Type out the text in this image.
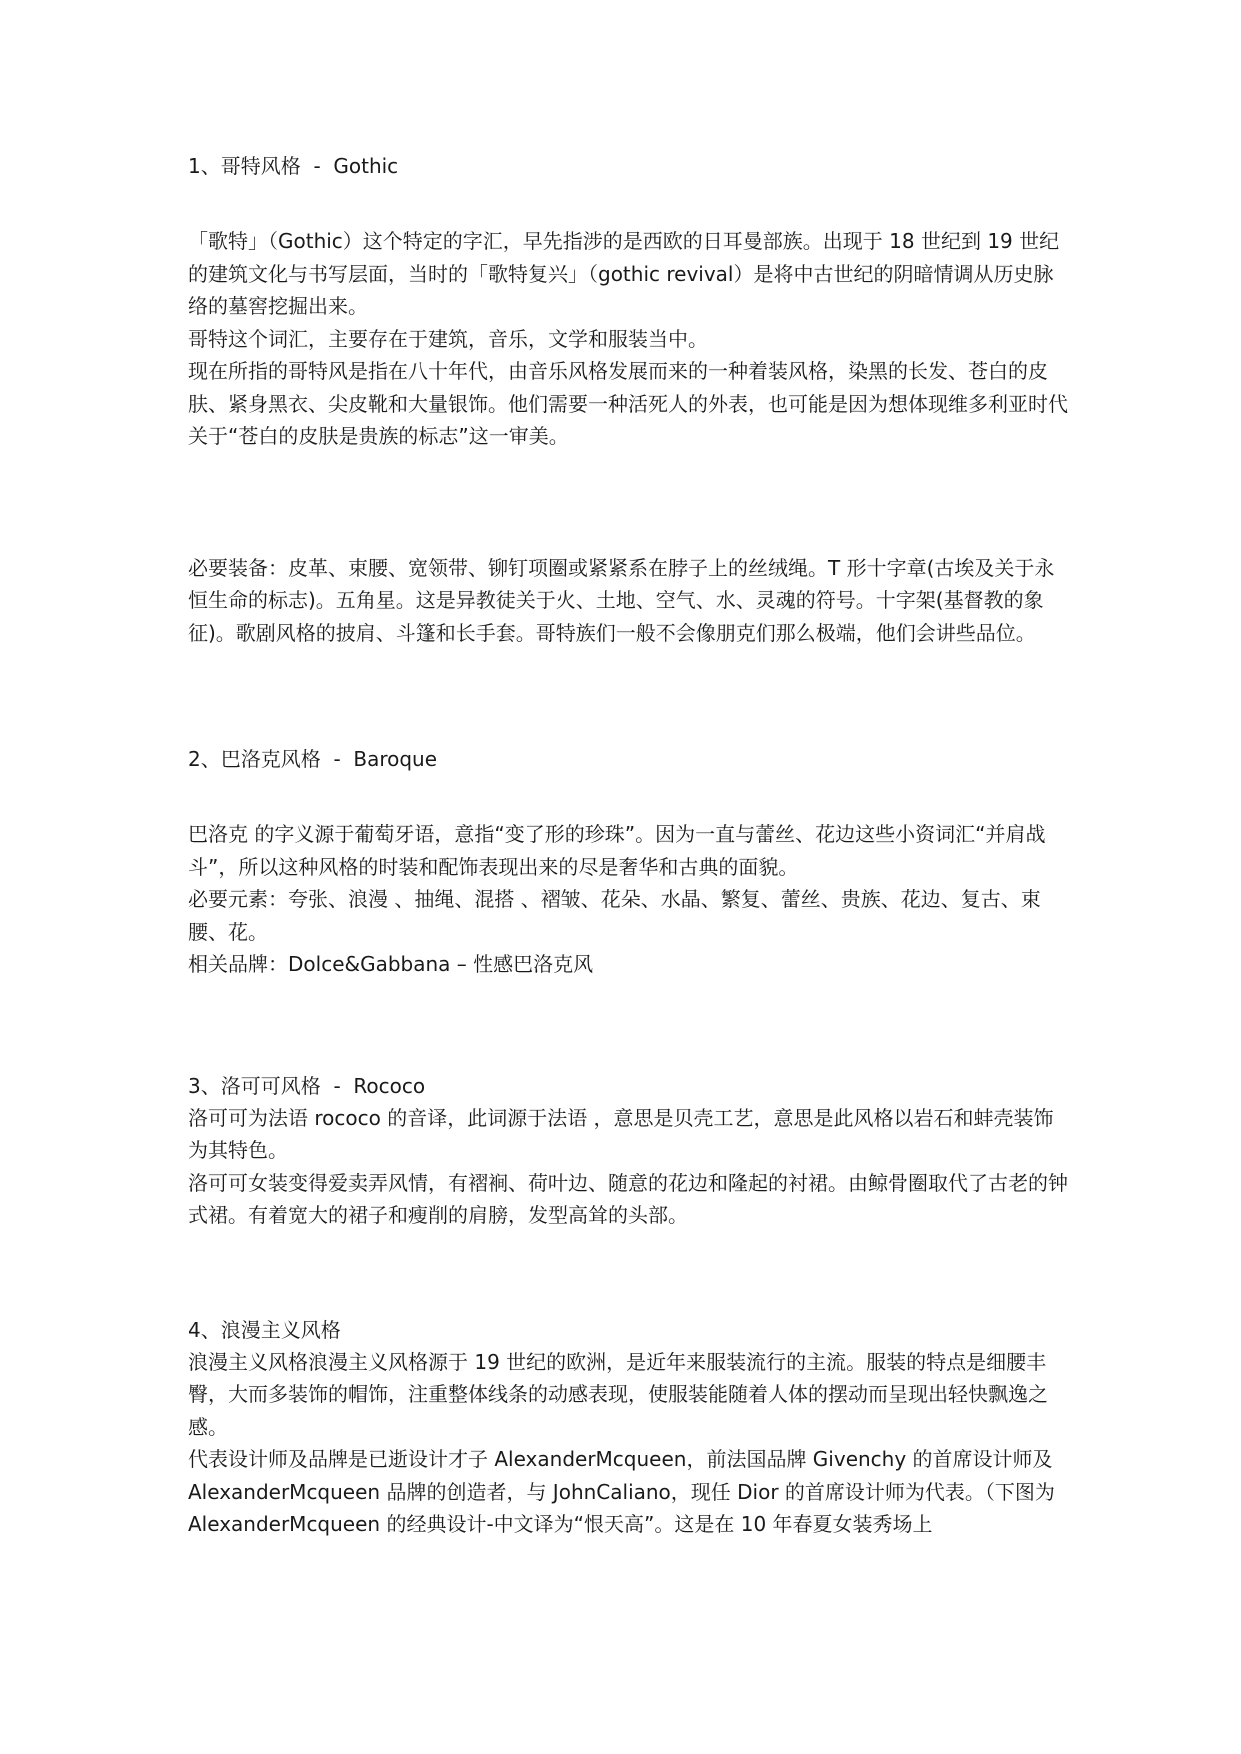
1、哥特风格  -  Gothic

「歌特」（Gothic）这个特定的字汇，早先指涉的是西欧的日耳曼部族。出现于 18 世纪到 19 世纪的建筑文化与书写层面，当时的「歌特复兴」（gothic revival）是将中古世纪的阴暗情调从历史脉络的墓窖挖掘出来。

哥特这个词汇，主要存在于建筑，音乐，文学和服装当中。

现在所指的哥特风是指在八十年代，由音乐风格发展而来的一种着装风格，染黑的长发、苍白的皮肤、紧身黑衣、尖皮靴和大量银饰。他们需要一种活死人的外表，也可能是因为想体现维多利亚时代关于“苍白的皮肤是贵族的标志”这一审美。

必要装备：皮革、束腰、宽领带、铆钉项圈或紧紧系在脖子上的丝绒绳。T 形十字章(古埃及关于永恒生命的标志)。五角星。这是异教徒关于火、土地、空气、水、灵魂的符号。十字架(基督教的象征)。歌剧风格的披肩、斗篷和长手套。哥特族们一般不会像朋克们那么极端，他们会讲些品位。

2、巴洛克风格  -  Baroque

巴洛克 的字义源于葡萄牙语，意指“变了形的珍珠”。因为一直与蕾丝、花边这些小资词汇“并肩战斗”，所以这种风格的时装和配饰表现出来的尽是奢华和古典的面貌。

必要元素：夸张、浪漫 、抽绳、混搭 、褶皱、花朵、水晶、繁复、蕾丝、贵族、花边、复古、束腰、花。

相关品牌：Dolce&Gabbana – 性感巴洛克风

3、洛可可风格  -  Rococo

洛可可为法语 rococo 的音译，此词源于法语 ，意思是贝壳工艺，意思是此风格以岩石和蚌壳装饰为其特色。

洛可可女装变得爱卖弄风情，有褶裥、荷叶边、随意的花边和隆起的衬裙。由鲸骨圈取代了古老的钟式裙。有着宽大的裙子和瘦削的肩膀，发型高耸的头部。

4、浪漫主义风格

浪漫主义风格浪漫主义风格源于 19 世纪的欧洲，是近年来服装流行的主流。服装的特点是细腰丰臀，大而多装饰的帽饰，注重整体线条的动感表现，使服装能随着人体的摆动而呈现出轻快飘逸之感。

代表设计师及品牌是已逝设计才子 AlexanderMcqueen，前法国品牌 Givenchy 的首席设计师及 AlexanderMcqueen 品牌的创造者，与 JohnCaliano，现任 Dior 的首席设计师为代表。（下图为 AlexanderMcqueen 的经典设计-中文译为“恨天高”。这是在 10 年春夏女装秀场上
